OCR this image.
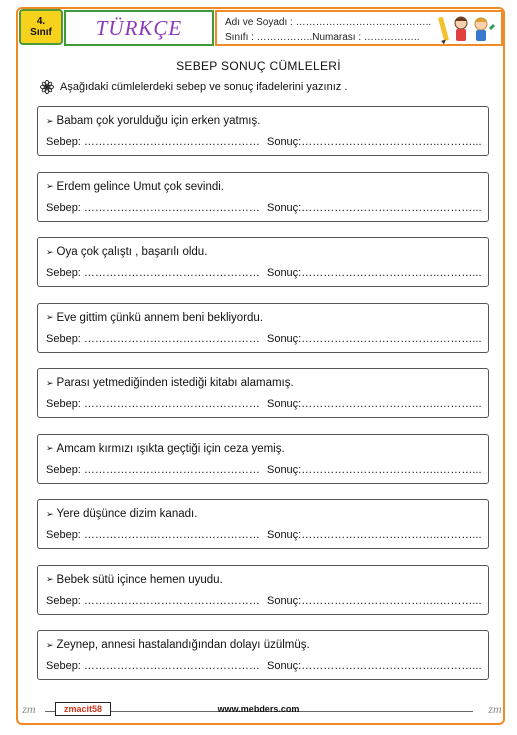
4.
Sınıf TÜRKÇE	Adı ve Soyadı : …………………………………..
Sınıfı : ……………..Numarası : ……………..
SEBEP SONUÇ CÜMLELERİ
Aşağıdaki cümlelerdeki sebep ve sonuç ifadelerini yazınız .
➢ Babam çok yorulduğu için erken yatmış.
Sebep: ………………………………………… Sonuç:………………………………..………...
➢ Erdem gelince Umut çok sevindi.
Sebep: ………………………………………… Sonuç:………………………………..………...
➢ Oya çok çalıştı , başarılı oldu.
Sebep: ………………………………………… Sonuç:………………………………..………...
➢ Eve gittim çünkü annem beni bekliyordu.
Sebep: ………………………………………… Sonuç:………………………………..………...
➢ Parası yetmediğinden istediği kitabı alamamış.
Sebep: ………………………………………… Sonuç:………………………………..………...
➢ Amcam kırmızı ışıkta geçtiği için ceza yemiş.
Sebep: ………………………………………… Sonuç:………………………………..………...
➢ Yere düşünce dizim kanadı.
Sebep: ………………………………………… Sonuç:………………………………..………...
➢ Bebek sütü içince hemen uyudu.
Sebep: ………………………………………… Sonuç:………………………………..………...
➢ Zeynep, annesi hastalandığından dolayı üzülmüş.
Sebep: ………………………………………… Sonuç:………………………………..………...
zm	zmacit58	www.mebders.com	zm
